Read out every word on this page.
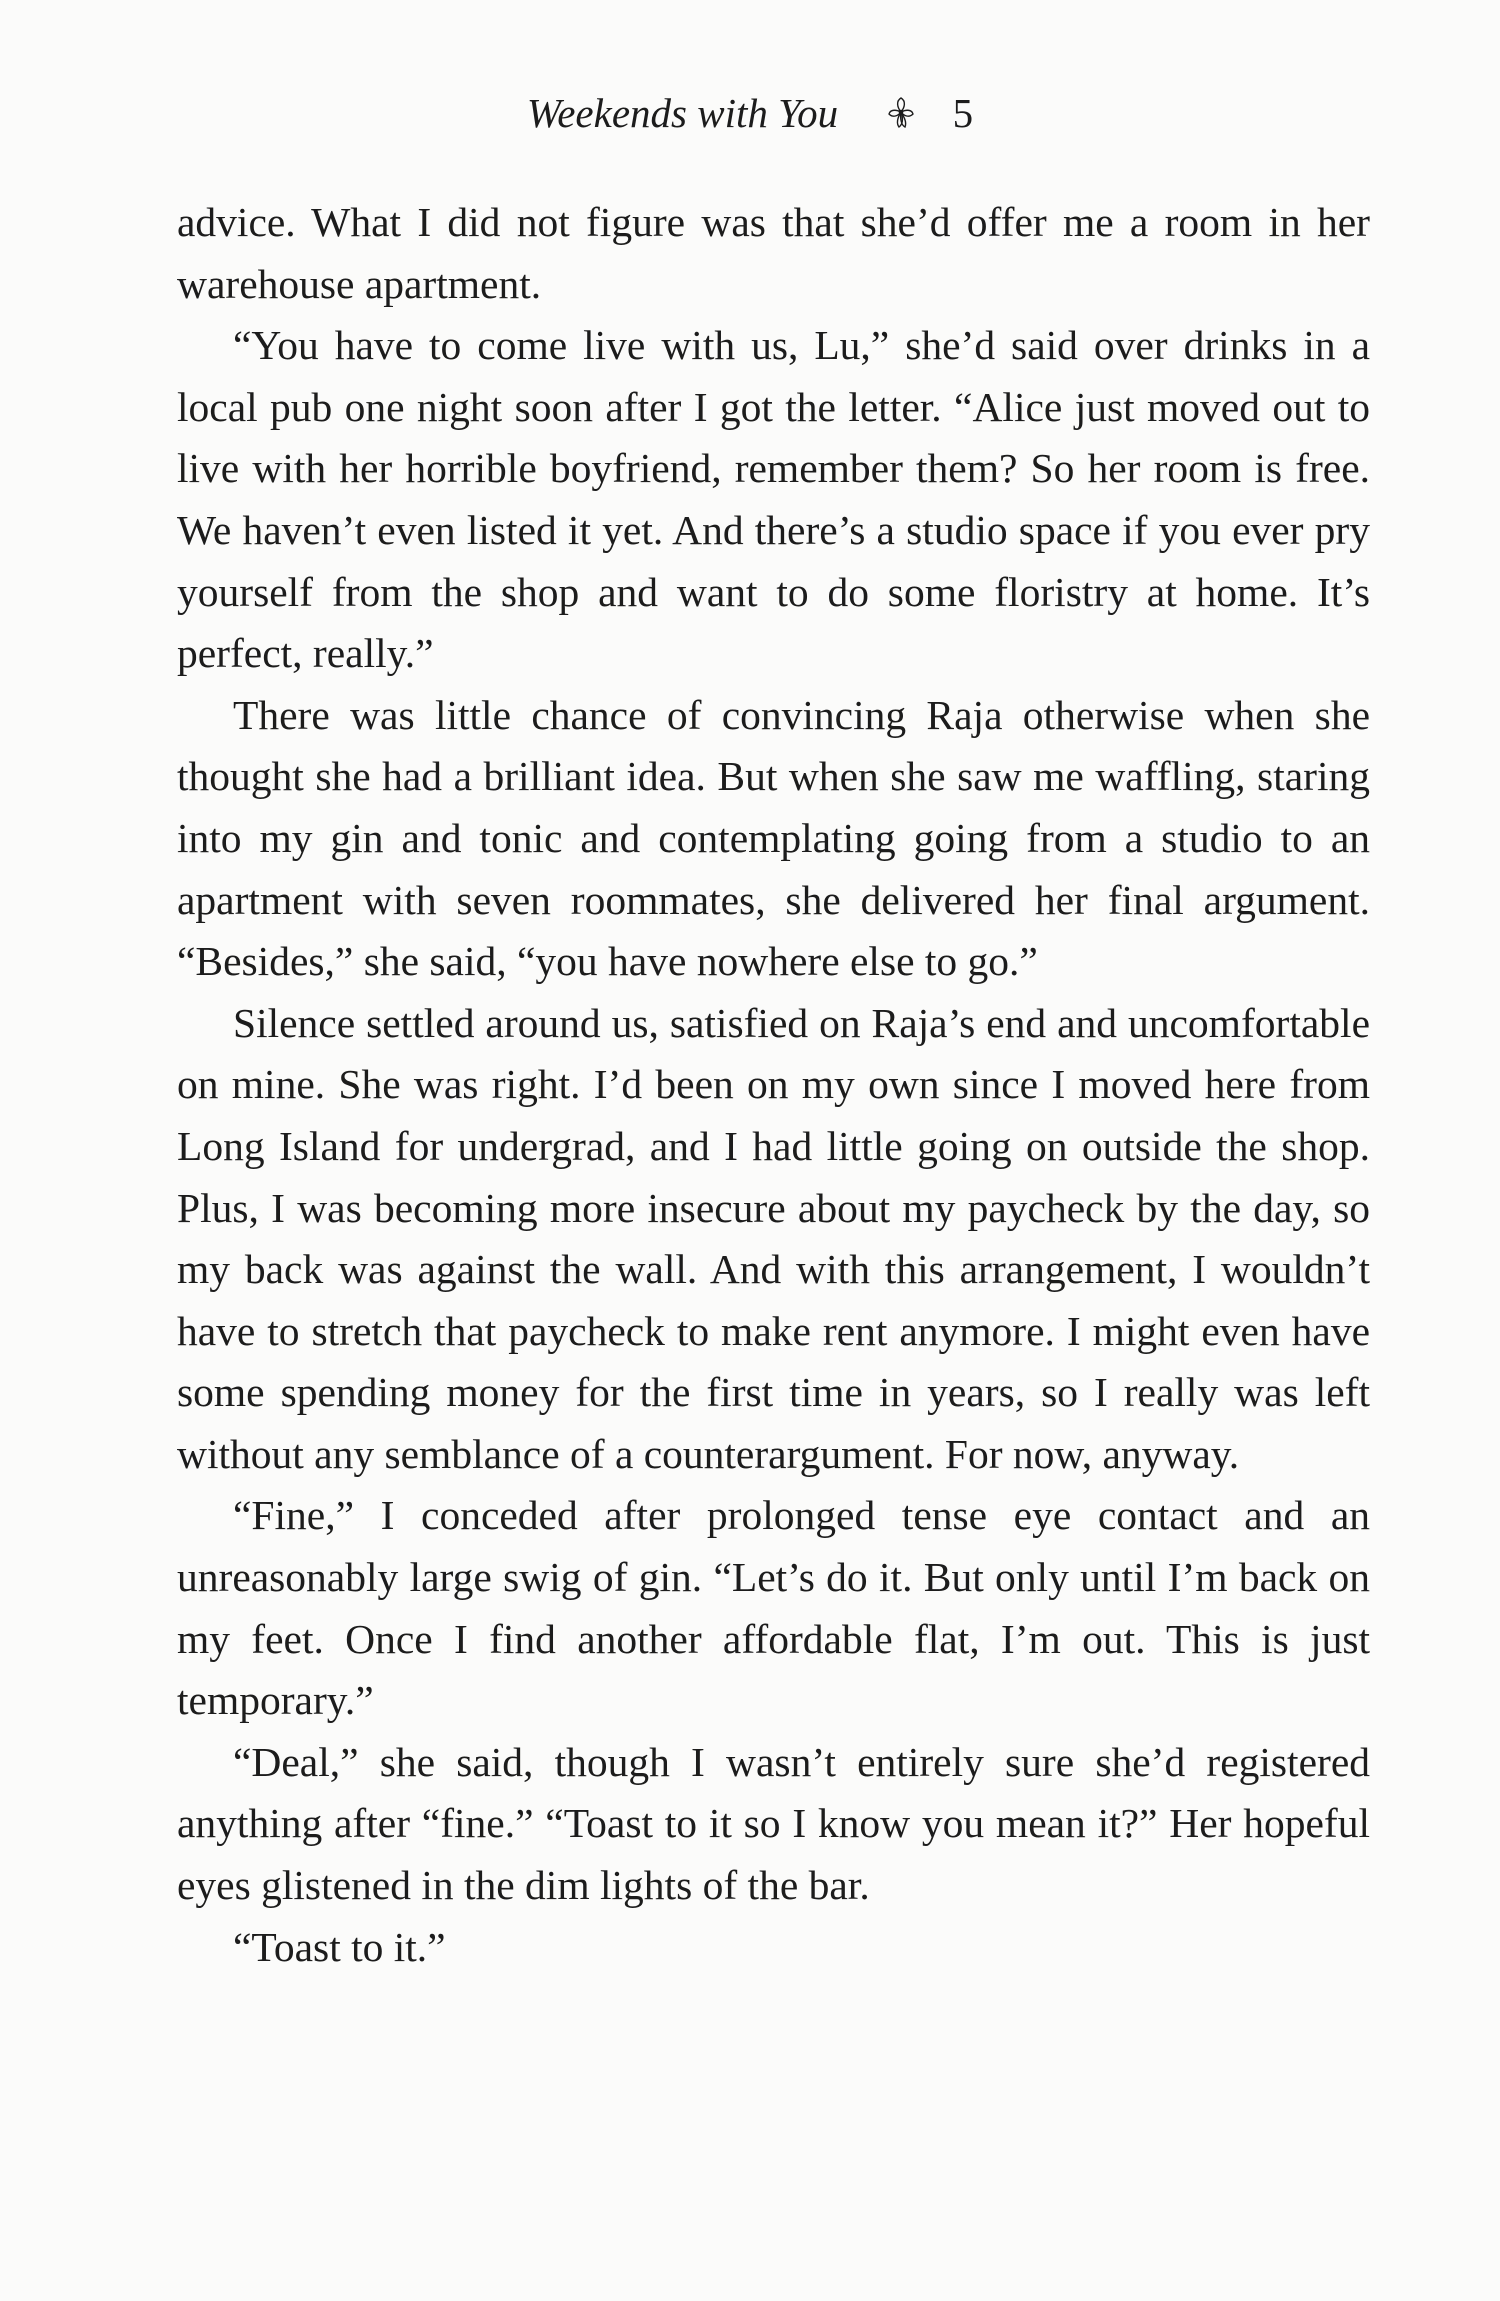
Weekends with You	5

advice. What I did not figure was that she’d offer me a room in her warehouse apartment.

“You have to come live with us, Lu,” she’d said over drinks in a local pub one night soon after I got the letter. “Alice just moved out to live with her horrible boyfriend, remember them? So her room is free. We haven’t even listed it yet. And there’s a studio space if you ever pry yourself from the shop and want to do some floristry at home. It’s perfect, really.”

There was little chance of convincing Raja otherwise when she thought she had a brilliant idea. But when she saw me waffling, staring into my gin and tonic and contemplating going from a studio to an apartment with seven roommates, she delivered her final argument. “Besides,” she said, “you have nowhere else to go.”

Silence settled around us, satisfied on Raja’s end and uncomfortable on mine. She was right. I’d been on my own since I moved here from Long Island for undergrad, and I had little going on outside the shop. Plus, I was becoming more insecure about my paycheck by the day, so my back was against the wall. And with this arrangement, I wouldn’t have to stretch that paycheck to make rent anymore. I might even have some spending money for the first time in years, so I really was left without any semblance of a counterargument. For now, anyway.

“Fine,” I conceded after prolonged tense eye contact and an unreasonably large swig of gin. “Let’s do it. But only until I’m back on my feet. Once I find another affordable flat, I’m out. This is just temporary.”

“Deal,” she said, though I wasn’t entirely sure she’d registered anything after “fine.” “Toast to it so I know you mean it?” Her hopeful eyes glistened in the dim lights of the bar.

“Toast to it.”
